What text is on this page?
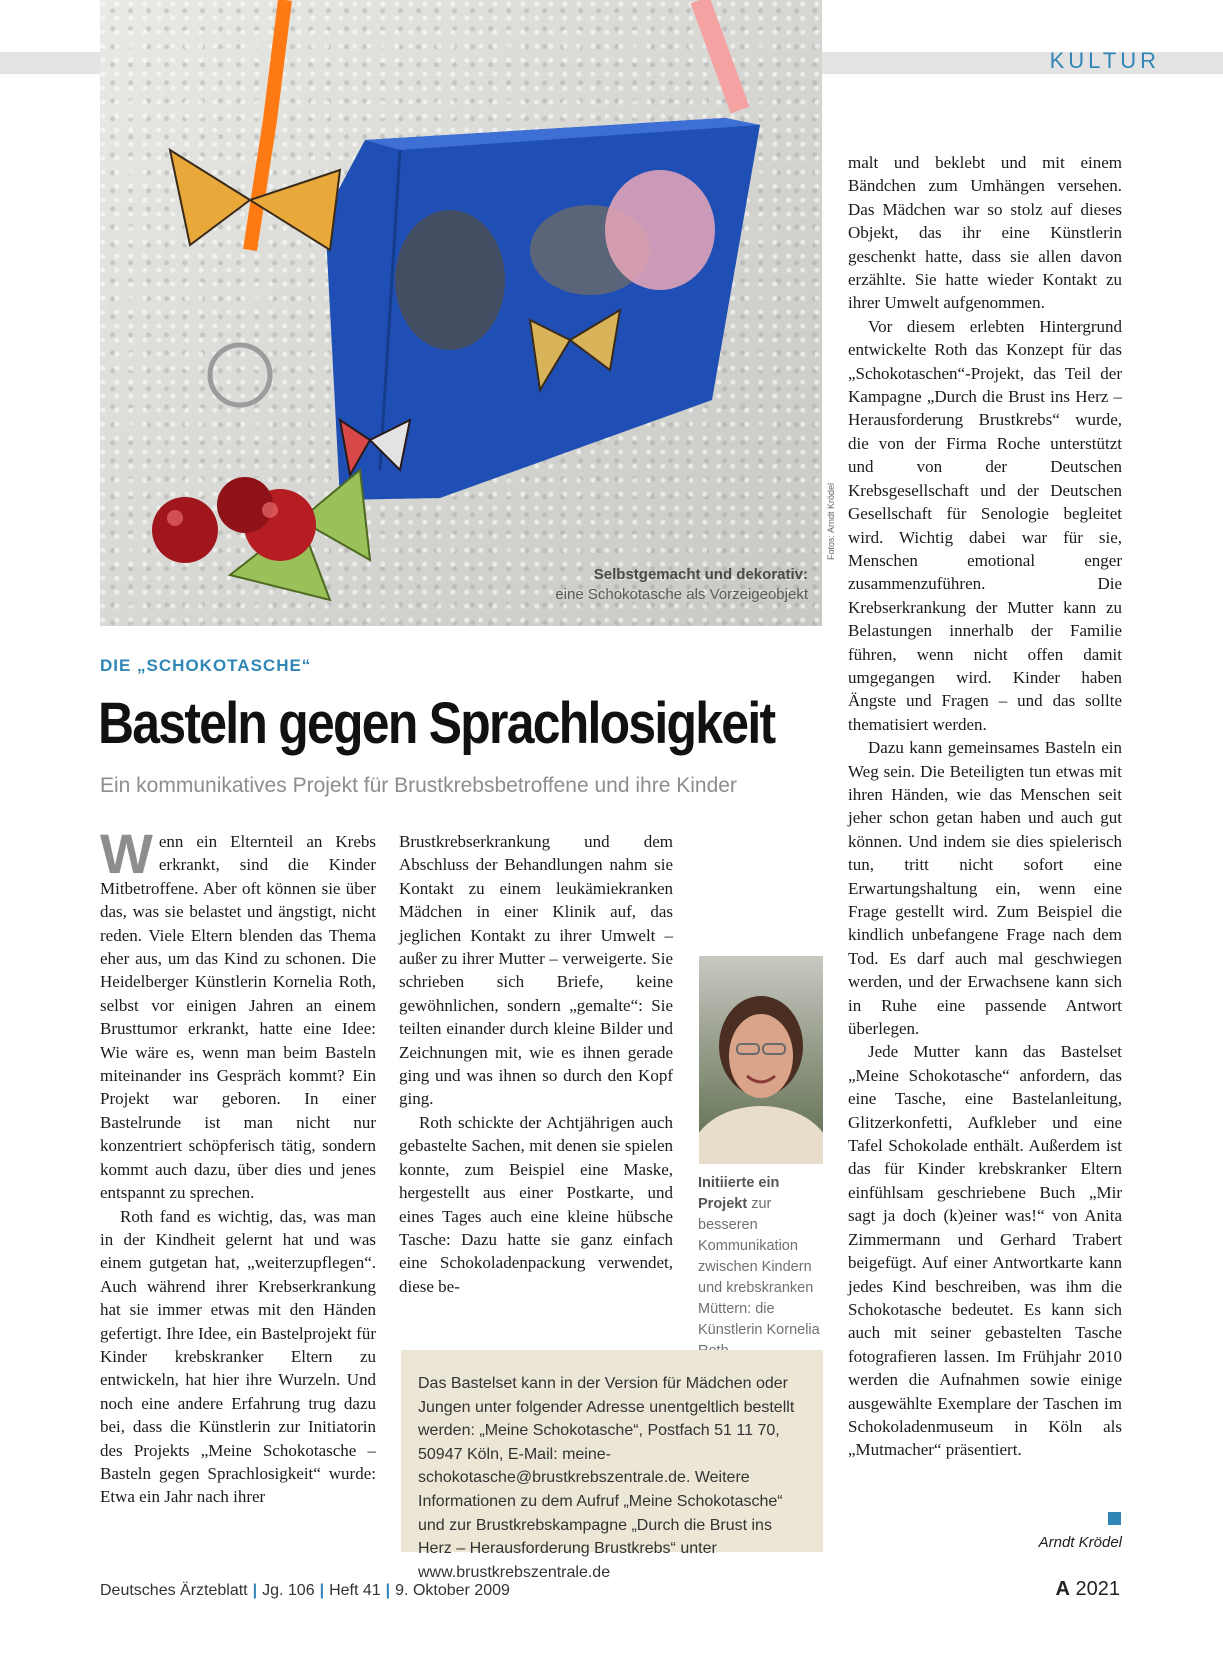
KULTUR
Selbstgemacht und dekorativ:
eine Schokotasche als Vorzeigeobjekt
Fotos: Arndt Krödel
DIE „SCHOKOTASCHE“
Basteln gegen Sprachlosigkeit
Ein kommunikatives Projekt für Brustkrebsbetroffene und ihre Kinder

Wenn ein Elternteil an Krebs erkrankt, sind die Kinder Mitbetroffene. Aber oft können sie über das, was sie belastet und ängstigt, nicht reden. Viele Eltern blenden das Thema eher aus, um das Kind zu schonen. Die Heidelberger Künstlerin Kornelia Roth, selbst vor einigen Jahren an einem Brusttumor erkrankt, hatte eine Idee: Wie wäre es, wenn man beim Basteln miteinander ins Gespräch kommt? Ein Projekt war geboren. In einer Bastelrunde ist man nicht nur konzentriert schöpferisch tätig, sondern kommt auch dazu, über dies und jenes entspannt zu sprechen.

Roth fand es wichtig, das, was man in der Kindheit gelernt hat und was einem gutgetan hat, „weiterzupflegen“. Auch während ihrer Krebserkrankung hat sie immer etwas mit den Händen gefertigt. Ihre Idee, ein Bastelprojekt für Kinder krebskranker Eltern zu entwickeln, hat hier ihre Wurzeln. Und noch eine andere Erfahrung trug dazu bei, dass die Künstlerin zur Initiatorin des Projekts „Meine Schokotasche – Basteln gegen Sprachlosigkeit“ wurde: Etwa ein Jahr nach ihrer

Brustkrebserkrankung und dem Abschluss der Behandlungen nahm sie Kontakt zu einem leukämiekranken Mädchen in einer Klinik auf, das jeglichen Kontakt zu ihrer Umwelt – außer zu ihrer Mutter – verweigerte. Sie schrieben sich Briefe, keine gewöhnlichen, sondern „gemalte“: Sie teilten einander durch kleine Bilder und Zeichnungen mit, wie es ihnen gerade ging und was ihnen so durch den Kopf ging.

Roth schickte der Achtjährigen auch gebastelte Sachen, mit denen sie spielen konnte, zum Beispiel eine Maske, hergestellt aus einer Postkarte, und eines Tages auch eine kleine hübsche Tasche: Dazu hatte sie ganz einfach eine Schokoladenpackung verwendet, diese be-

Initiierte ein Projekt zur besseren Kommunikation zwischen Kindern und krebskranken Müttern: die Künstlerin Kornelia

Das Bastelset kann in der Version für Mädchen oder Jungen unter folgender Adresse unentgeltlich bestellt werden: „Meine Schokotasche“, Postfach 51 11 70, 50947 Köln, E-Mail: meine-schokotasche@brustkrebszentrale.de. Weitere Informationen zu dem Aufruf „Meine Schokotasche“ und zur Brustkrebskampagne „Durch die Brust ins Herz – Herausforderung Brustkrebs“ unter www.brustkrebszentrale.de

malt und beklebt und mit einem Bändchen zum Umhängen versehen. Das Mädchen war so stolz auf dieses Objekt, das ihr eine Künstlerin geschenkt hatte, dass sie allen davon erzählte. Sie hatte wieder Kontakt zu ihrer Umwelt aufgenommen.

Vor diesem erlebten Hintergrund entwickelte Roth das Konzept für das „Schokotaschen“-Projekt, das Teil der Kampagne „Durch die Brust ins Herz – Herausforderung Brustkrebs“ wurde, die von der Firma Roche unterstützt und von der Deutschen Krebsgesellschaft und der Deutschen Gesellschaft für Senologie begleitet wird. Wichtig dabei war für sie, Menschen emotional enger zusammenzuführen. Die Krebserkrankung der Mutter kann zu Belastungen innerhalb der Familie führen, wenn nicht offen damit umgegangen wird. Kinder haben Ängste und Fragen – und das sollte thematisiert werden.

Dazu kann gemeinsames Basteln ein Weg sein. Die Beteiligten tun etwas mit ihren Händen, wie das Menschen seit jeher schon getan haben und auch gut können. Und indem sie dies spielerisch tun, tritt nicht sofort eine Erwartungshaltung ein, wenn eine Frage gestellt wird. Zum Beispiel die kindlich unbefangene Frage nach dem Tod. Es darf auch mal geschwiegen werden, und der Erwachsene kann sich in Ruhe eine passende Antwort überlegen.

Jede Mutter kann das Bastelset „Meine Schokotasche“ anfordern, das eine Tasche, eine Bastelanleitung, Glitzerkonfetti, Aufkleber und eine Tafel Schokolade enthält. Außerdem ist das für Kinder krebskranker Eltern einfühlsam geschriebene Buch „Mir sagt ja doch (k)einer was!“ von Anita Zimmermann und Gerhard Trabert beigefügt. Auf einer Antwortkarte kann jedes Kind beschreiben, was ihm die Schokotasche bedeutet. Es kann sich auch mit seiner gebastelten Tasche fotografieren lassen. Im Frühjahr 2010 werden die Aufnahmen sowie einige ausgewählte Exemplare der Taschen im Schokoladenmuseum in Köln als „Mutmacher“ präsentiert.

Arndt Krödel
Deutsches Ärzteblatt | Jg. 106 | Heft 41 | 9. Oktober 2009	A 2021
